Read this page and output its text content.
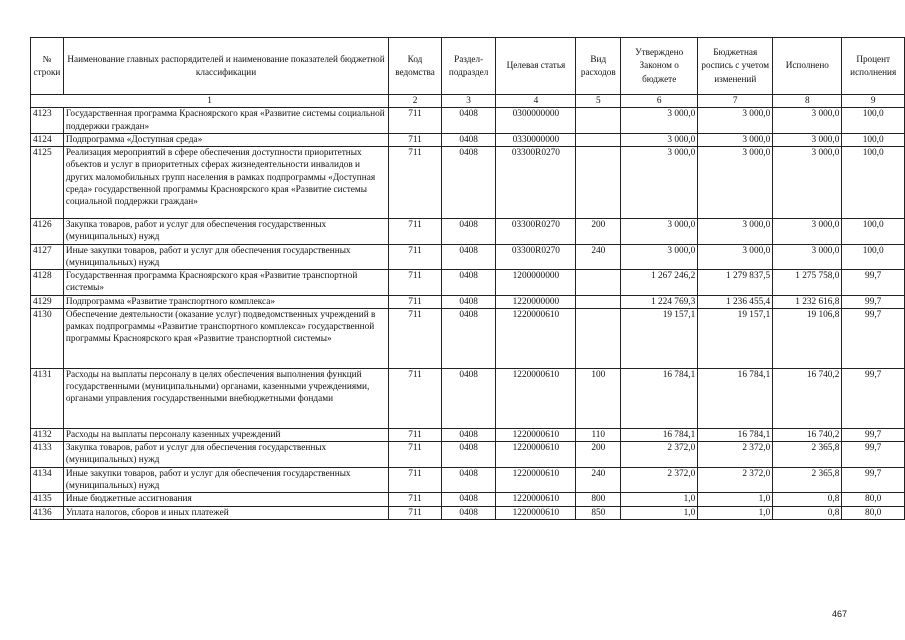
№ строки	Наименование главных распорядителей и наименование показателей бюджетной классификации	Код ведомства	Раздел-подраздел	Целевая статья	Вид расходов	Утверждено Законом о бюджете	Бюджетная роспись с учетом изменений	Исполнено	Процент исполнения
1		2	3	4	5	6	7	8	9
4123	Государственная программа Красноярского края «Развитие системы социальной поддержки граждан»	711	0408	0300000000		3 000,0	3 000,0	3 000,0	100,0
4124	Подпрограмма «Доступная среда»	711	0408	0330000000		3 000,0	3 000,0	3 000,0	100,0
4125	Реализация мероприятий в сфере обеспечения доступности приоритетных объектов и услуг в приоритетных сферах жизнедеятельности инвалидов и других маломобильных групп населения в рамках подпрограммы «Доступная среда» государственной программы Красноярского края «Развитие системы социальной поддержки граждан»	711	0408	03300R0270		3 000,0	3 000,0	3 000,0	100,0
4126	Закупка товаров, работ и услуг для обеспечения государственных (муниципальных) нужд	711	0408	03300R0270	200	3 000,0	3 000,0	3 000,0	100,0
4127	Иные закупки товаров, работ и услуг для обеспечения государственных (муниципальных) нужд	711	0408	03300R0270	240	3 000,0	3 000,0	3 000,0	100,0
4128	Государственная программа Красноярского края «Развитие транспортной системы»	711	0408	1200000000		1 267 246,2	1 279 837,5	1 275 758,0	99,7
4129	Подпрограмма «Развитие транспортного комплекса»	711	0408	1220000000		1 224 769,3	1 236 455,4	1 232 616,8	99,7
4130	Обеспечение деятельности (оказание услуг) подведомственных учреждений в рамках подпрограммы «Развитие транспортного комплекса» государственной программы Красноярского края «Развитие транспортной системы»	711	0408	1220000610		19 157,1	19 157,1	19 106,8	99,7
4131	Расходы на выплаты персоналу в целях обеспечения выполнения функций государственными (муниципальными) органами, казенными учреждениями, органами управления государственными внебюджетными фондами	711	0408	1220000610	100	16 784,1	16 784,1	16 740,2	99,7
4132	Расходы на выплаты персоналу казенных учреждений	711	0408	1220000610	110	16 784,1	16 784,1	16 740,2	99,7
4133	Закупка товаров, работ и услуг для обеспечения государственных (муниципальных) нужд	711	0408	1220000610	200	2 372,0	2 372,0	2 365,8	99,7
4134	Иные закупки товаров, работ и услуг для обеспечения государственных (муниципальных) нужд	711	0408	1220000610	240	2 372,0	2 372,0	2 365,8	99,7
4135	Иные бюджетные ассигнования	711	0408	1220000610	800	1,0	1,0	0,8	80,0
4136	Уплата налогов, сборов и иных платежей	711	0408	1220000610	850	1,0	1,0	0,8	80,0
467
